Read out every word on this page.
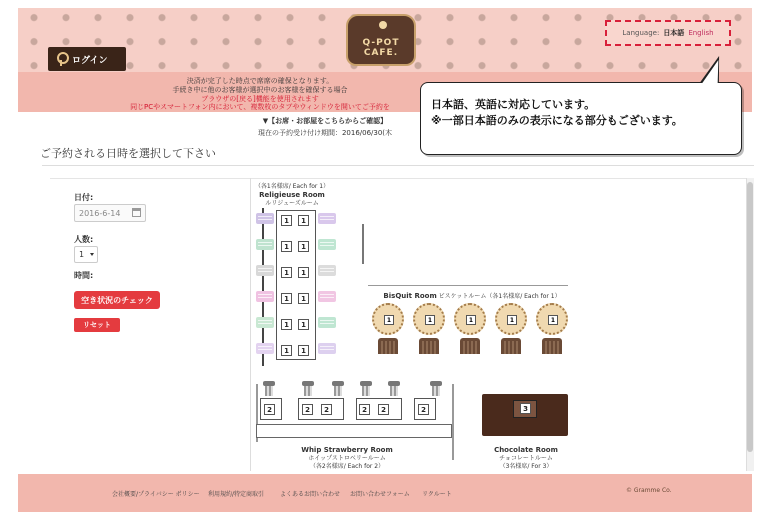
Q-POT CAFE.
ログイン
Language: 日本語 English
決済が完了した時点で席席の確保となります。
手続き中に他のお客様が選択中のお客様を確保する場合
ブラウザの[戻る]機能を使用されます
同じPCやスマートフォン内において、複数枚のタブやウィンドウを開いてご予約を
▼【お席・お部屋をこちらからご確認】
現在の予約受け付け期間：2016/06/30(木

日本語、英語に対応しています。

※一部日本語のみの表示になる部分もございます。

ご予約される日時を選択して下さい
日付:
2016-6-14
人数:
1
時間:
空き状況のチェック
リセット
（各1名様席/ Each for 1）
Religieuse Room
ルリジューズルーム
BisQuit Room ビスケットルーム（各1名様席/ Each for 1）
Whip Strawberry Room
ホイップストロベリールーム
（各2名様席/ Each for 2）
3
Chocolate Room
チョコレートルーム
（3名様席/ For 3）
会社概要/プライバシー ポリシー 利用規約/特定商取引	よくあるお問い合わせ お問い合わせフォーム リクルート
© Gramme Co.
1	1
1	1
1	1
1	1
1	1
1	1
1	1	1	1	1
2	2	2	2	2	2
